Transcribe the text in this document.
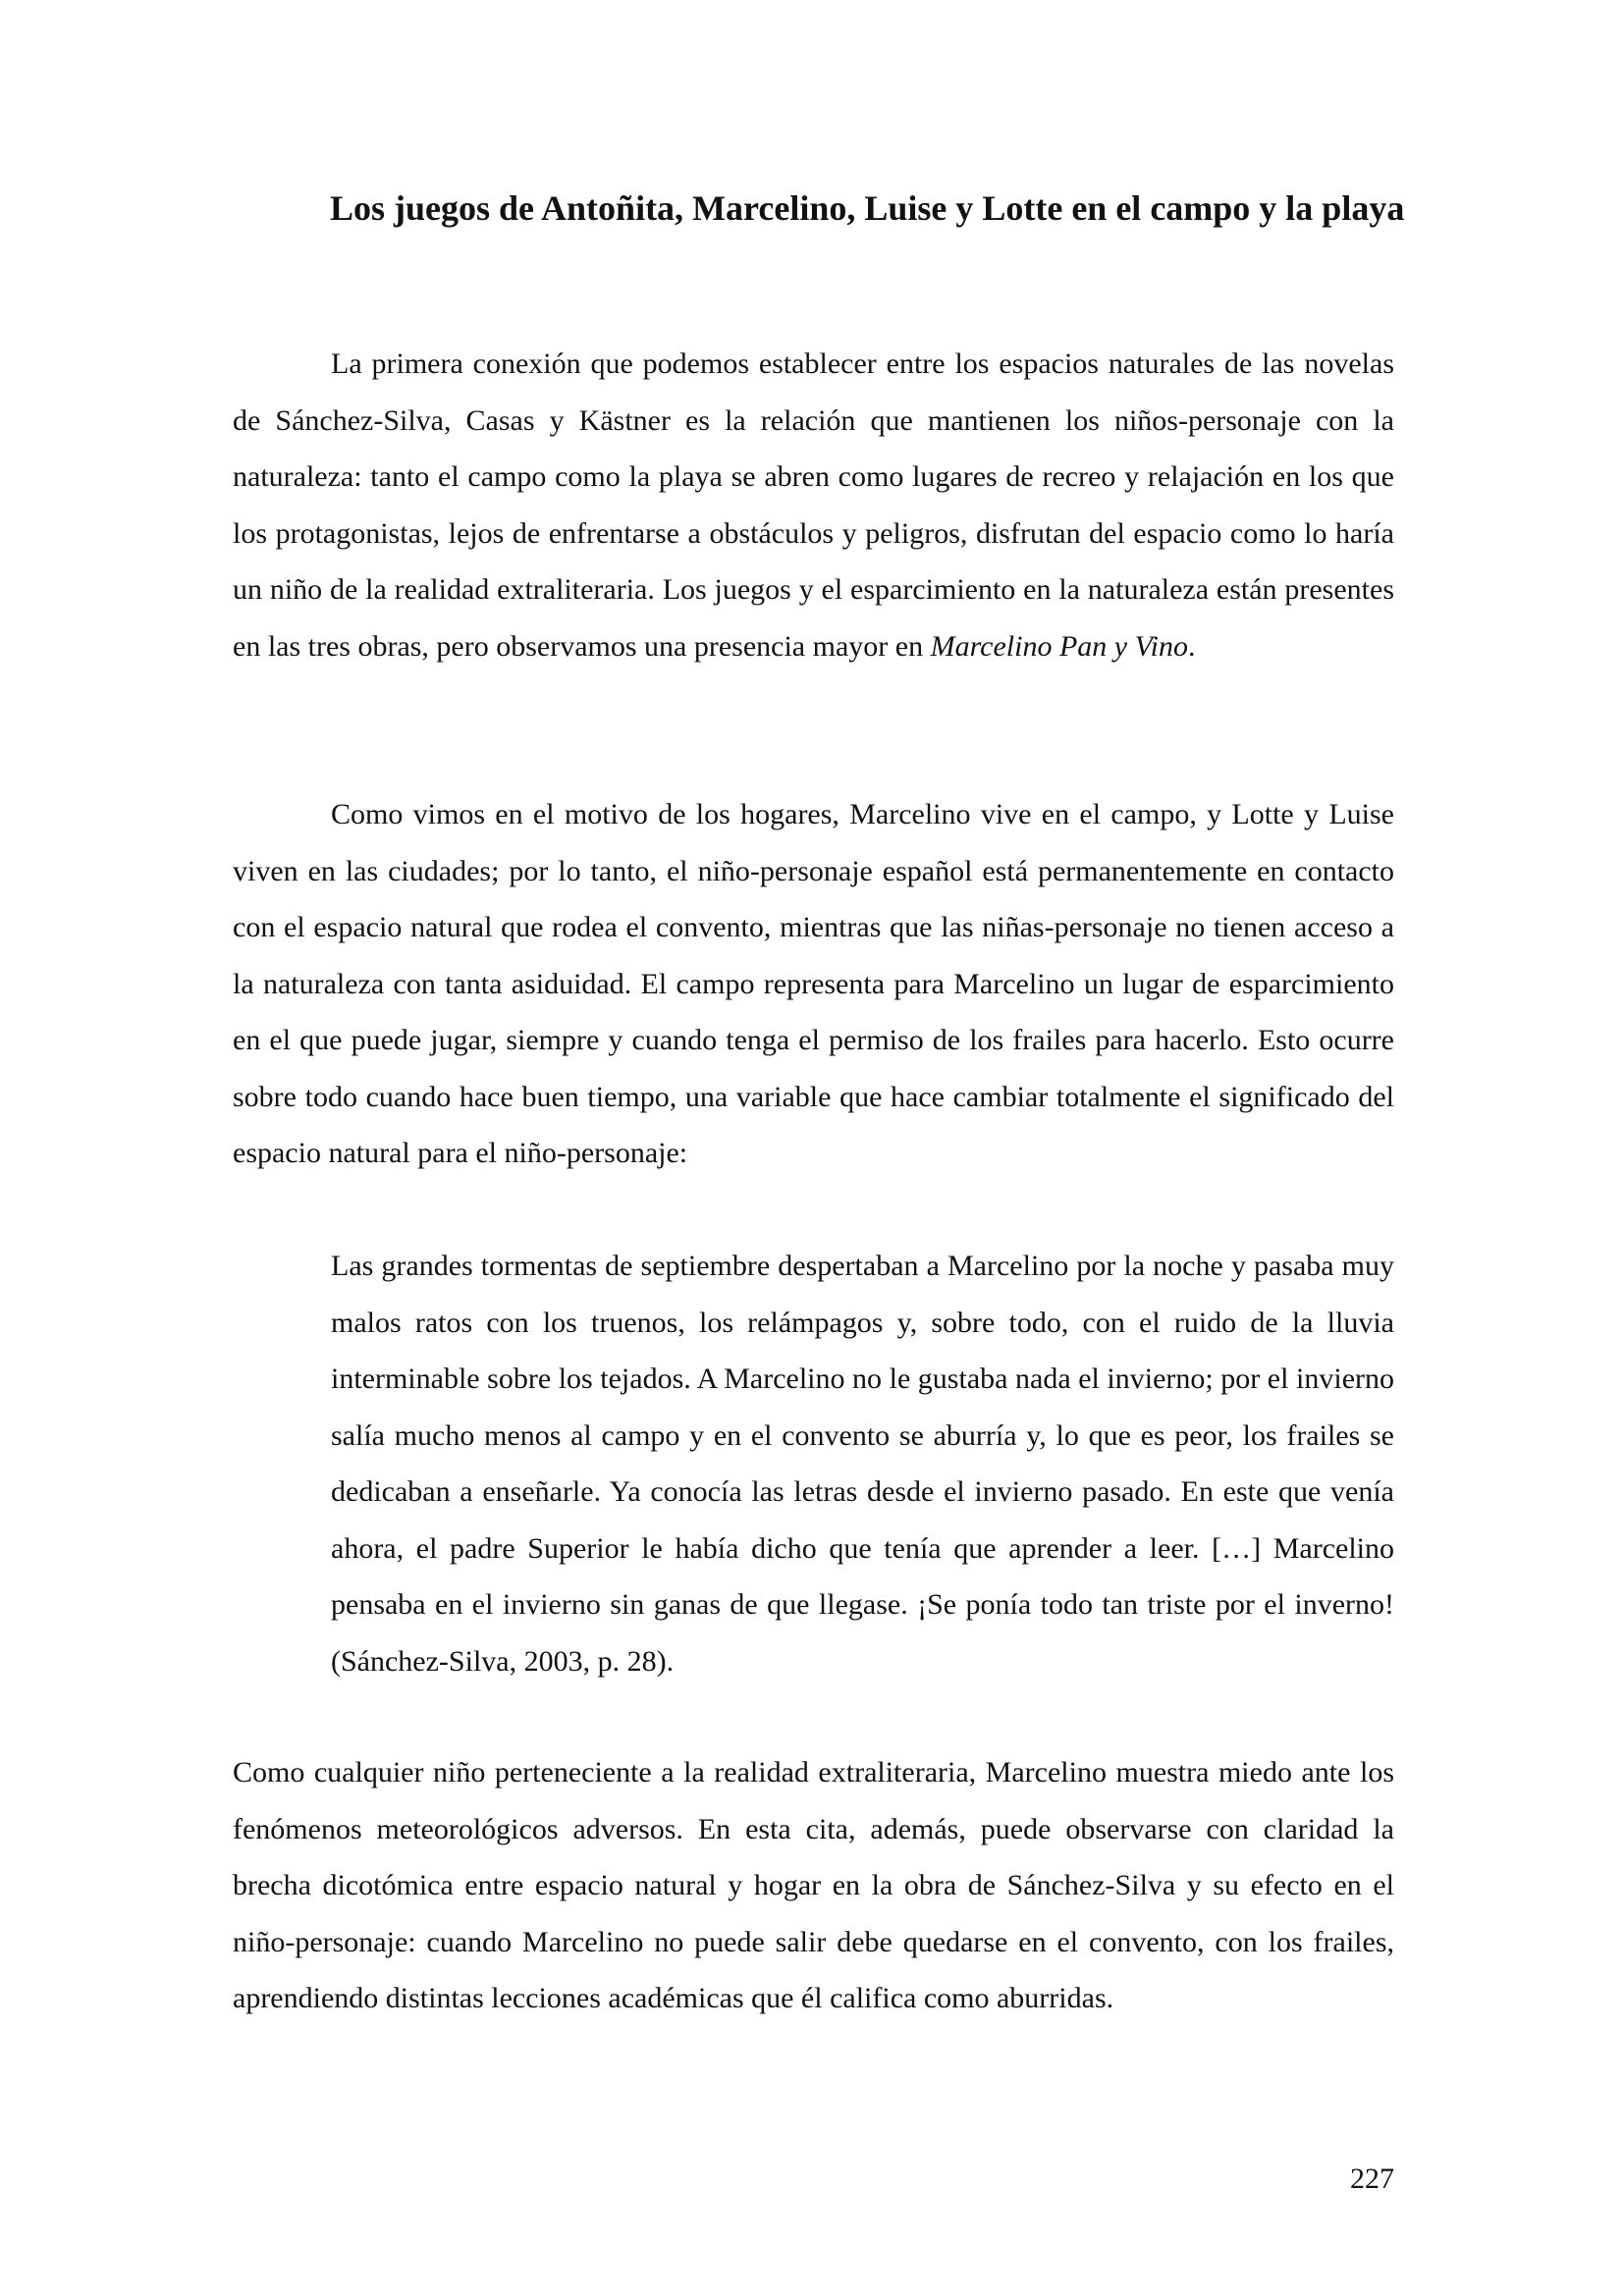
Los juegos de Antoñita, Marcelino, Luise y Lotte en el campo y la playa

La primera conexión que podemos establecer entre los espacios naturales de las novelas de Sánchez-Silva, Casas y Kästner es la relación que mantienen los niños-personaje con la naturaleza: tanto el campo como la playa se abren como lugares de recreo y relajación en los que los protagonistas, lejos de enfrentarse a obstáculos y peligros, disfrutan del espacio como lo haría un niño de la realidad extraliteraria. Los juegos y el esparcimiento en la naturaleza están presentes en las tres obras, pero observamos una presencia mayor en Marcelino Pan y Vino.

Como vimos en el motivo de los hogares, Marcelino vive en el campo, y Lotte y Luise viven en las ciudades; por lo tanto, el niño-personaje español está permanentemente en contacto con el espacio natural que rodea el convento, mientras que las niñas-personaje no tienen acceso a la naturaleza con tanta asiduidad. El campo representa para Marcelino un lugar de esparcimiento en el que puede jugar, siempre y cuando tenga el permiso de los frailes para hacerlo. Esto ocurre sobre todo cuando hace buen tiempo, una variable que hace cambiar totalmente el significado del espacio natural para el niño-personaje:

Las grandes tormentas de septiembre despertaban a Marcelino por la noche y pasaba muy malos ratos con los truenos, los relámpagos y, sobre todo, con el ruido de la lluvia interminable sobre los tejados. A Marcelino no le gustaba nada el invierno; por el invierno salía mucho menos al campo y en el convento se aburría y, lo que es peor, los frailes se dedicaban a enseñarle. Ya conocía las letras desde el invierno pasado. En este que venía ahora, el padre Superior le había dicho que tenía que aprender a leer. […] Marcelino pensaba en el invierno sin ganas de que llegase. ¡Se ponía todo tan triste por el inverno! (Sánchez-Silva, 2003, p. 28).

Como cualquier niño perteneciente a la realidad extraliteraria, Marcelino muestra miedo ante los fenómenos meteorológicos adversos. En esta cita, además, puede observarse con claridad la brecha dicotómica entre espacio natural y hogar en la obra de Sánchez-Silva y su efecto en el niño-personaje: cuando Marcelino no puede salir debe quedarse en el convento, con los frailes, aprendiendo distintas lecciones académicas que él califica como aburridas.

227
